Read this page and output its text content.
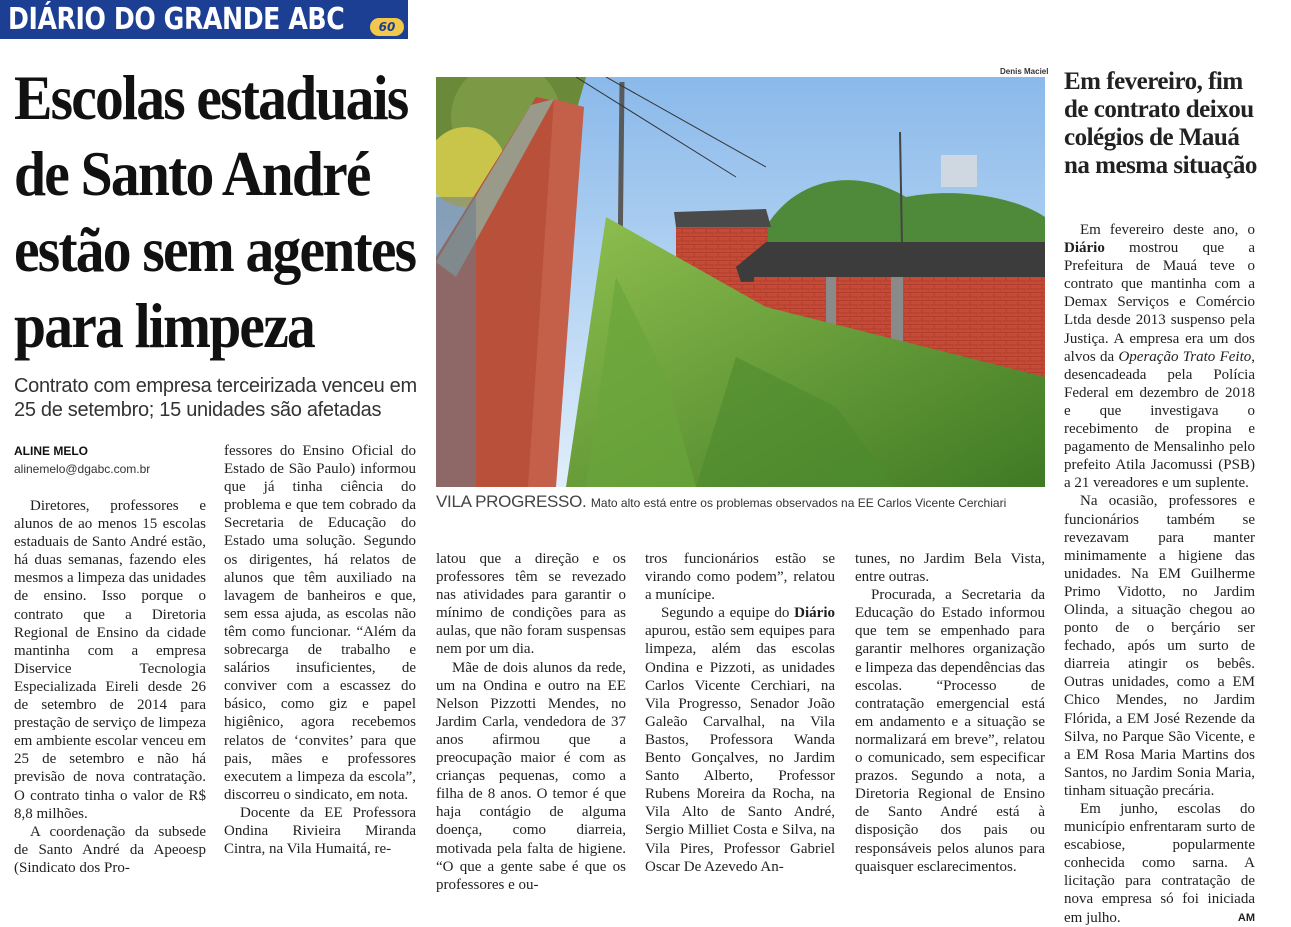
DIÁRIO DO GRANDE ABC	60
Escolas estaduais
de Santo André
estão sem agentes
para limpeza
Contrato com empresa terceirizada venceu em 25 de setembro; 15 unidades são afetadas
ALINE MELO
alinemelo@dgabc.com.br

Diretores, professores e alunos de ao menos 15 escolas estaduais de Santo André estão, há duas semanas, fazendo eles mesmos a limpeza das unidades de ensino. Isso porque o contrato que a Diretoria Regional de Ensino da cidade mantinha com a empresa Diservice Tecnologia Especializada Eireli desde 26 de setembro de 2014 para prestação de serviço de limpeza em ambiente escolar venceu em 25 de setembro e não há previsão de nova contratação. O contrato tinha o valor de R$ 8,8 milhões.

A coordenação da subsede de Santo André da Apeoesp (Sindicato dos Pro-

fessores do Ensino Oficial do Estado de São Paulo) informou que já tinha ciência do problema e que tem cobrado da Secretaria de Educação do Estado uma solução. Segundo os dirigentes, há relatos de alunos que têm auxiliado na lavagem de banheiros e que, sem essa ajuda, as escolas não têm como funcionar. “Além da sobrecarga de trabalho e salários insuficientes, de conviver com a escassez do básico, como giz e papel higiênico, agora recebemos relatos de ‘convites’ para que pais, mães e professores executem a limpeza da escola”, discorreu o sindicato, em nota.

Docente da EE Professora Ondina Rivieira Miranda Cintra, na Vila Humaitá, re-

latou que a direção e os professores têm se revezado nas atividades para garantir o mínimo de condições para as aulas, que não foram suspensas nem por um dia.

Mãe de dois alunos da rede, um na Ondina e outro na EE Nelson Pizzotti Mendes, no Jardim Carla, vendedora de 37 anos afirmou que a preocupação maior é com as crianças pequenas, como a filha de 8 anos. O temor é que haja contágio de alguma doença, como diarreia, motivada pela falta de higiene. “O que a gente sabe é que os professores e ou-

tros funcionários estão se virando como podem”, relatou a munícipe.

Segundo a equipe do Diário apurou, estão sem equipes para limpeza, além das escolas Ondina e Pizzoti, as unidades Carlos Vicente Cerchiari, na Vila Progresso, Senador João Galeão Carvalhal, na Vila Bastos, Professora Wanda Bento Gonçalves, no Jardim Santo Alberto, Professor Rubens Moreira da Rocha, na Vila Alto de Santo André, Sergio Milliet Costa e Silva, na Vila Pires, Professor Gabriel Oscar De Azevedo An-

tunes, no Jardim Bela Vista, entre outras.

Procurada, a Secretaria da Educação do Estado informou que tem se empenhado para garantir melhores organização e limpeza das dependências das escolas. “Processo de contratação emergencial está em andamento e a situação se normalizará em breve”, relatou o comunicado, sem especificar prazos. Segundo a nota, a Diretoria Regional de Ensino de Santo André está à disposição dos pais ou responsáveis pelos alunos para quaisquer esclarecimentos.

Denis Maciel
VILA PROGRESSO. Mato alto está entre os problemas observados na EE Carlos Vicente Cerchiari
Em fevereiro, fim
de contrato deixou
colégios de Mauá
na mesma situação

Em fevereiro deste ano, o Diário mostrou que a Prefeitura de Mauá teve o contrato que mantinha com a Demax Serviços e Comércio Ltda desde 2013 suspenso pela Justiça. A empresa era um dos alvos da Operação Trato Feito, desencadeada pela Polícia Federal em dezembro de 2018 e que investigava o recebimento de propina e pagamento de Mensalinho pelo prefeito Atila Jacomussi (PSB) a 21 vereadores e um suplente.

Na ocasião, professores e funcionários também se revezavam para manter minimamente a higiene das unidades. Na EM Guilherme Primo Vidotto, no Jardim Olinda, a situação chegou ao ponto de o berçário ser fechado, após um surto de diarreia atingir os bebês. Outras unidades, como a EM Chico Mendes, no Jardim Flórida, a EM José Rezende da Silva, no Parque São Vicente, e a EM Rosa Maria Martins dos Santos, no Jardim Sonia Maria, tinham situação precária.

Em junho, escolas do município enfrentaram surto de escabiose, popularmente conhecida como sarna. A licitação para contratação de nova empresa só foi iniciada em julho.	AM
